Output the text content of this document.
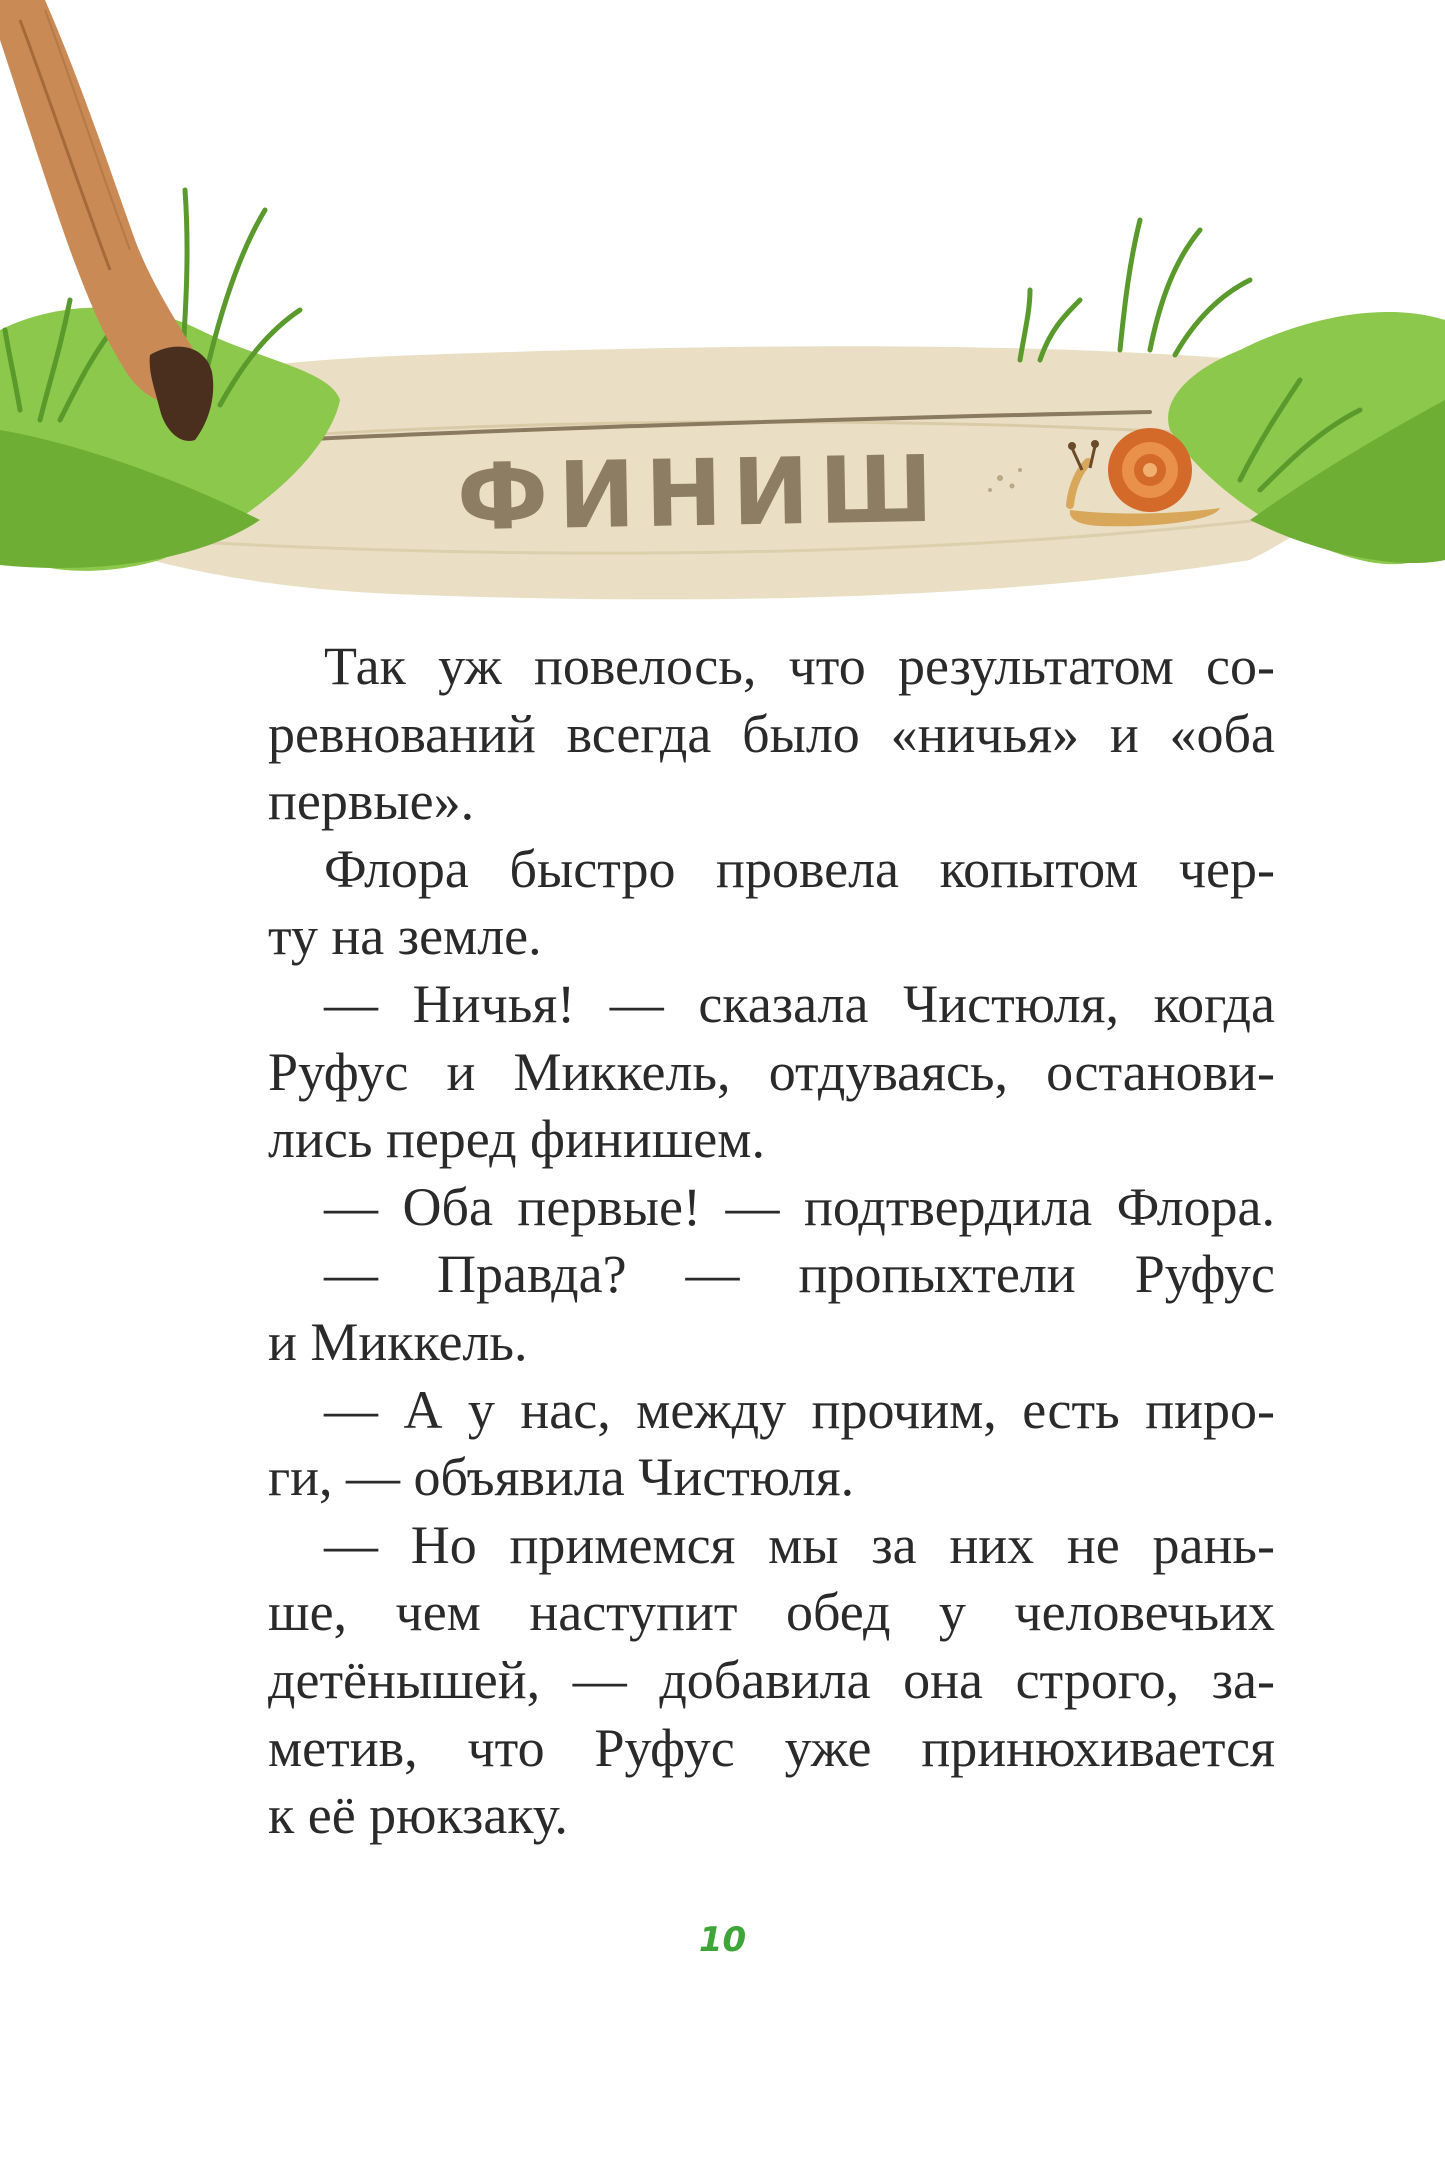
ФИНИШ
Так уж повелось, что результатом со-
ревнований всегда было «ничья» и «оба
первые».
Флора быстро провела копытом чер-
ту на земле.
— Ничья! — сказала Чистюля, когда
Руфус и Миккель, отдуваясь, останови-
лись перед финишем.
— Оба первые! — подтвердила Флора.
— Правда? — пропыхтели Руфус
и Миккель.
— А у нас, между прочим, есть пиро-
ги, — объявила Чистюля.
— Но примемся мы за них не рань-
ше, чем наступит обед у человечьих
детёнышей, — добавила она строго, за-
метив, что Руфус уже принюхивается
к её рюкзаку.
10
